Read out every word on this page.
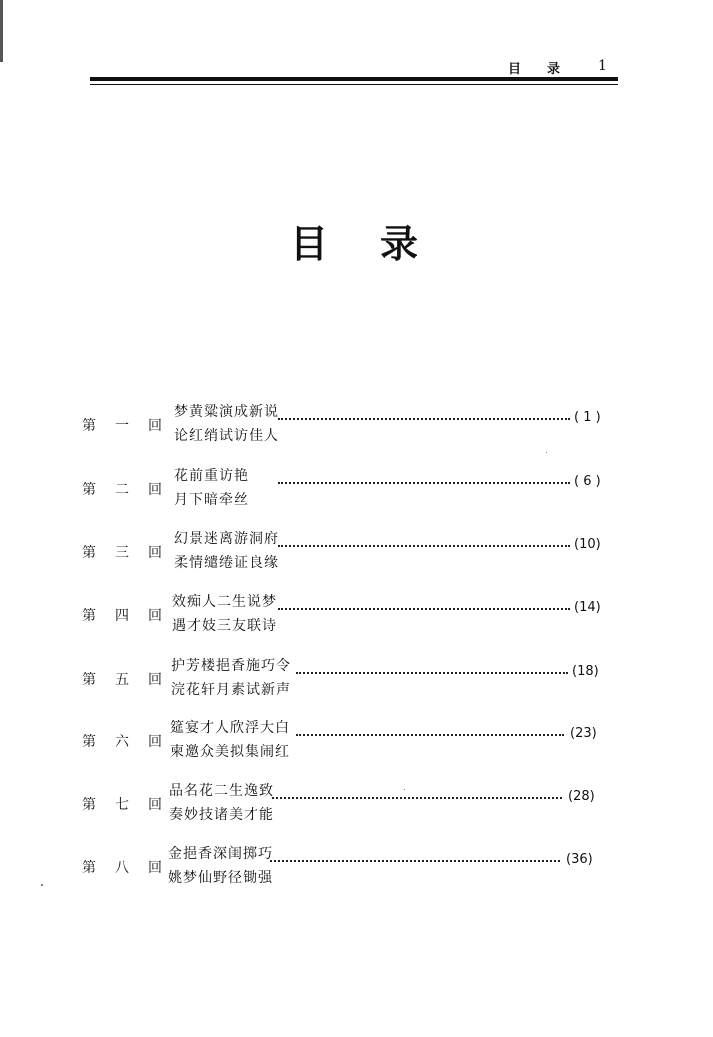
目录 1
目录
第 一 回
梦黄粱演成新说
论红绡试访佳人
( 1 )
第 二 回
花前重访艳
月下暗牵丝
( 6 )
第 三 回
幻景迷离游洞府
柔情缱绻证良缘
(10)
第 四 回
效痴人二生说梦
遇才妓三友联诗
(14)
第 五 回
护芳楼挹香施巧令
浣花轩月素试新声
(18)
第 六 回
筵宴才人欣浮大白
柬邀众美拟集闹红
(23)
第 七 回
品名花二生逸致
奏妙技诸美才能
(28)
第 八 回
金挹香深闺掷巧
姚梦仙野径锄强
(36)
